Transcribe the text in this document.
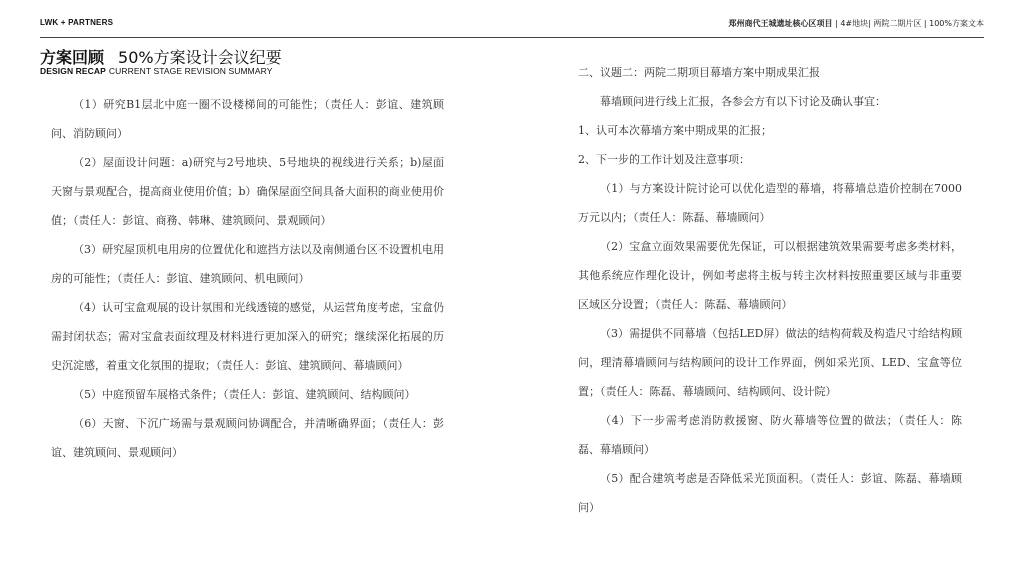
LWK + PARTNERS	郑州商代王城遗址核心区项目 | 4#地块| 两院二期片区 | 100%方案文本
方案回顾 50%方案设计会议纪要
DESIGN RECAP CURRENT STAGE REVISION SUMMARY

（1）研究B1层北中庭一圈不设楼梯间的可能性；（责任人：彭谊、建筑顾问、消防顾问）

（2）屋面设计问题：a)研究与2号地块、5号地块的视线进行关系；b)屋面天窗与景观配合，提高商业使用价值；b）确保屋面空间具备大面积的商业使用价值；（责任人：彭谊、商務、韩琳、建筑顾问、景观顾问）

（3）研究屋顶机电用房的位置优化和遮挡方法以及南侧通台区不设置机电用房的可能性；（责任人：彭谊、建筑顾问、机电顾问）

（4）认可宝盒观展的设计氛围和光线透镜的感觉，从运营角度考虑，宝盒仍需封闭状态；需对宝盒表面纹理及材料进行更加深入的研究；继续深化拓展的历史沉淀感，着重文化氛围的提取；（责任人：彭谊、建筑顾问、幕墙顾问）

（5）中庭预留车展格式条件；（责任人：彭谊、建筑顾问、结构顾问）

（6）天窗、下沉广场需与景观顾问协调配合，并清晰确界面；（责任人：彭谊、建筑顾问、景观顾问）

二、议题二：两院二期项目幕墙方案中期成果汇报

幕墙顾问进行线上汇报，各参会方有以下讨论及确认事宜：

1、认可本次幕墙方案中期成果的汇报；

2、下一步的工作计划及注意事项：

（1）与方案设计院讨论可以优化造型的幕墙，将幕墙总造价控制在7000万元以内；（责任人：陈磊、幕墙顾问）

（2）宝盒立面效果需要优先保证，可以根据建筑效果需要考虑多类材料，其他系统应作理化设计，例如考虑将主板与转主次材料按照重要区域与非重要区域区分设置；（责任人：陈磊、幕墙顾问）

（3）需提供不同幕墙（包括LED屏）做法的结构荷载及构造尺寸给结构顾问，理清幕墙顾问与结构顾问的设计工作界面，例如采光顶、LED、宝盒等位置；（责任人：陈磊、幕墙顾问、结构顾问、设计院）

（4）下一步需考虑消防救援窗、防火幕墙等位置的做法；（责任人：陈磊、幕墙顾问）

（5）配合建筑考虑是否降低采光顶面积。（责任人：彭谊、陈磊、幕墙顾问）
